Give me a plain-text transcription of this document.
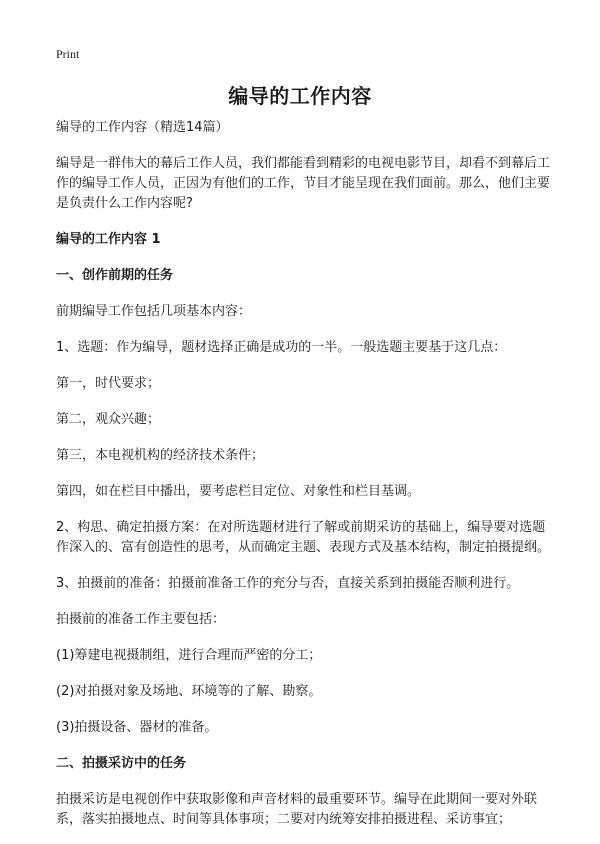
Print
编导的工作内容

编导的工作内容（精选14篇）

编导是一群伟大的幕后工作人员，我们都能看到精彩的电视电影节目，却看不到幕后工作的编导工作人员，正因为有他们的工作，节目才能呈现在我们面前。那么，他们主要是负责什么工作内容呢?

编导的工作内容 1

一、创作前期的任务

前期编导工作包括几项基本内容：

1、选题：作为编导，题材选择正确是成功的一半。一般选题主要基于这几点：

第一，时代要求；

第二，观众兴趣；

第三，本电视机构的经济技术条件；

第四，如在栏目中播出，要考虑栏目定位、对象性和栏目基调。

2、构思、确定拍摄方案：在对所选题材进行了解或前期采访的基础上，编导要对选题作深入的、富有创造性的思考，从而确定主题、表现方式及基本结构，制定拍摄提纲。

3、拍摄前的准备：拍摄前准备工作的充分与否，直接关系到拍摄能否顺利进行。

拍摄前的准备工作主要包括：

(1)筹建电视摄制组，进行合理而严密的分工；

(2)对拍摄对象及场地、环境等的了解、勘察。

(3)拍摄设备、器材的准备。

二、拍摄采访中的任务

拍摄采访是电视创作中获取影像和声音材料的最重要环节。编导在此期间一要对外联系，落实拍摄地点、时间等具体事项；二要对内统筹安排拍摄进程、采访事宜；
